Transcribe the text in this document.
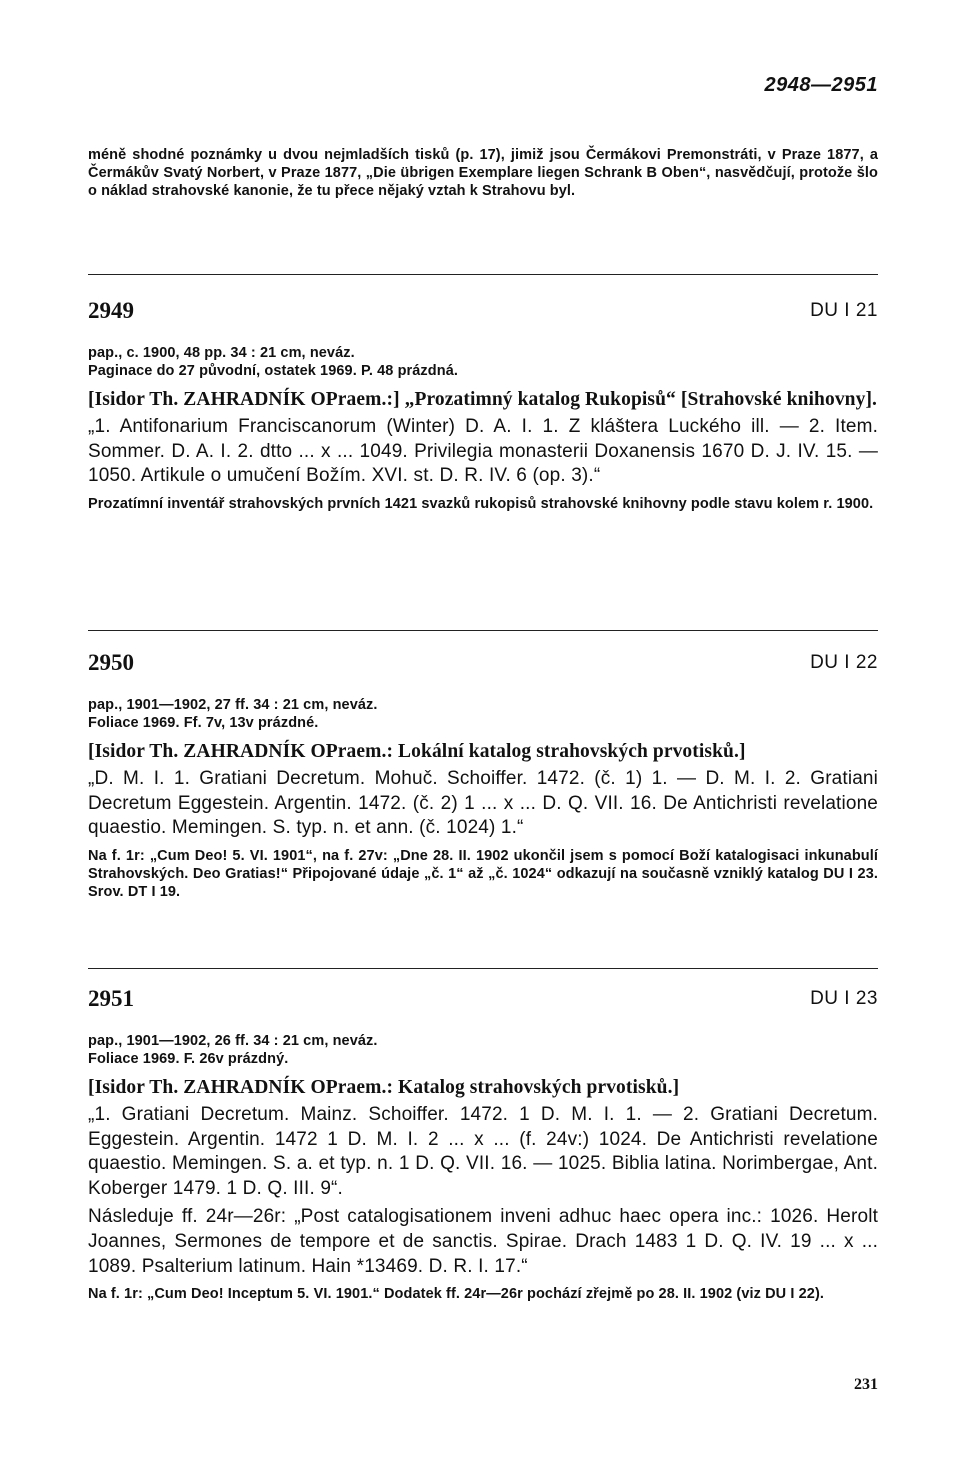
2948—2951

méně shodné poznámky u dvou nejmladších tisků (p. 17), jimiž jsou Čermákovi Premonstráti, v Praze 1877, a Čermákův Svatý Norbert, v Praze 1877, „Die übrigen Exemplare liegen Schrank B Oben“, nasvědčují, protože šlo o náklad strahovské kanonie, že tu přece nějaký vztah k Strahovu byl.

2949	DU I 21

pap., c. 1900, 48 pp. 34 : 21 cm, neváz.

Paginace do 27 původní, ostatek 1969. P. 48 prázdná.

[Isidor Th. ZAHRADNÍK OPraem.:] „Prozatimný katalog Rukopisů“ [Strahovské knihovny].

„1. Antifonarium Franciscanorum (Winter) D. A. I. 1. Z kláštera Luckého ill. — 2. Item. Sommer. D. A. I. 2. dtto ... x ... 1049. Privilegia monasterii Doxanensis 1670 D. J. IV. 15. — 1050. Artikule o umučení Božím. XVI. st. D. R. IV. 6 (op. 3).“

Prozatímní inventář strahovských prvních 1421 svazků rukopisů strahovské knihovny podle stavu kolem r. 1900.

2950	DU I 22

pap., 1901—1902, 27 ff. 34 : 21 cm, neváz.

Foliace 1969. Ff. 7v, 13v prázdné.

[Isidor Th. ZAHRADNÍK OPraem.: Lokální katalog strahovských prvotisků.]

„D. M. I. 1. Gratiani Decretum. Mohuč. Schoiffer. 1472. (č. 1) 1. — D. M. I. 2. Gratiani Decretum Eggestein. Argentin. 1472. (č. 2) 1 ... x ... D. Q. VII. 16. De Antichristi revelatione quaestio. Memingen. S. typ. n. et ann. (č. 1024) 1.“

Na f. 1r: „Cum Deo! 5. VI. 1901“, na f. 27v: „Dne 28. II. 1902 ukončil jsem s pomocí Boží katalogisaci inkunabulí Strahovských. Deo Gratias!“ Připojované údaje „č. 1“ až „č. 1024“ odkazují na současně vzniklý katalog DU I 23. Srov. DT I 19.

2951	DU I 23

pap., 1901—1902, 26 ff. 34 : 21 cm, neváz.

Foliace 1969. F. 26v prázdný.

[Isidor Th. ZAHRADNÍK OPraem.: Katalog strahovských prvotisků.]

„1. Gratiani Decretum. Mainz. Schoiffer. 1472. 1 D. M. I. 1. — 2. Gratiani Decretum. Eggestein. Argentin. 1472 1 D. M. I. 2 ... x ... (f. 24v:) 1024. De Antichristi revelatione quaestio. Memingen. S. a. et typ. n. 1 D. Q. VII. 16. — 1025. Biblia latina. Norimbergae, Ant. Koberger 1479. 1 D. Q. III. 9“.

Následuje ff. 24r—26r: „Post catalogisationem inveni adhuc haec opera inc.: 1026. Herolt Joannes, Sermones de tempore et de sanctis. Spirae. Drach 1483 1 D. Q. IV. 19 ... x ... 1089. Psalterium latinum. Hain *13469. D. R. I. 17.“

Na f. 1r: „Cum Deo! Inceptum 5. VI. 1901.“ Dodatek ff. 24r—26r pochází zřejmě po 28. II. 1902 (viz DU I 22).

231
